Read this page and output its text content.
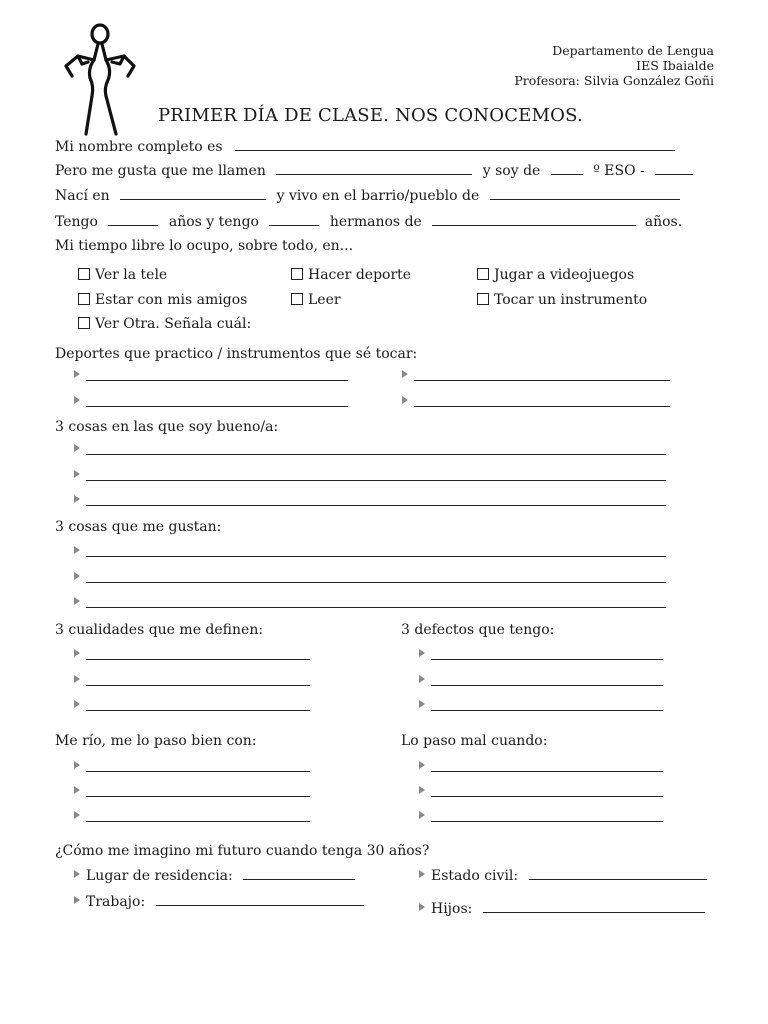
Departamento de Lengua
IES Ibaialde
Profesora: Silvia González Goñi
PRIMER DÍA DE CLASE. NOS CONOCEMOS.
Mi nombre completo es
Pero me gusta que me llamen	y soy de	º ESO -
Nací en	y vivo en el barrio/pueblo de
Tengo	años y tengo	hermanos de	años.
Mi tiempo libre lo ocupo, sobre todo, en...
Ver la tele	Hacer deporte	Jugar a videojuegos
Estar con mis amigos	Leer	Tocar un instrumento
Ver Otra. Señala cuál:
Deportes que practico / instrumentos que sé tocar:
3 cosas en las que soy bueno/a:
3 cosas que me gustan:
3 cualidades que me definen:	3 defectos que tengo:
Me río, me lo paso bien con:	Lo paso mal cuando:
¿Cómo me imagino mi futuro cuando tenga 30 años?
Lugar de residencia:	Estado civil:
Trabajo:	Hijos:
